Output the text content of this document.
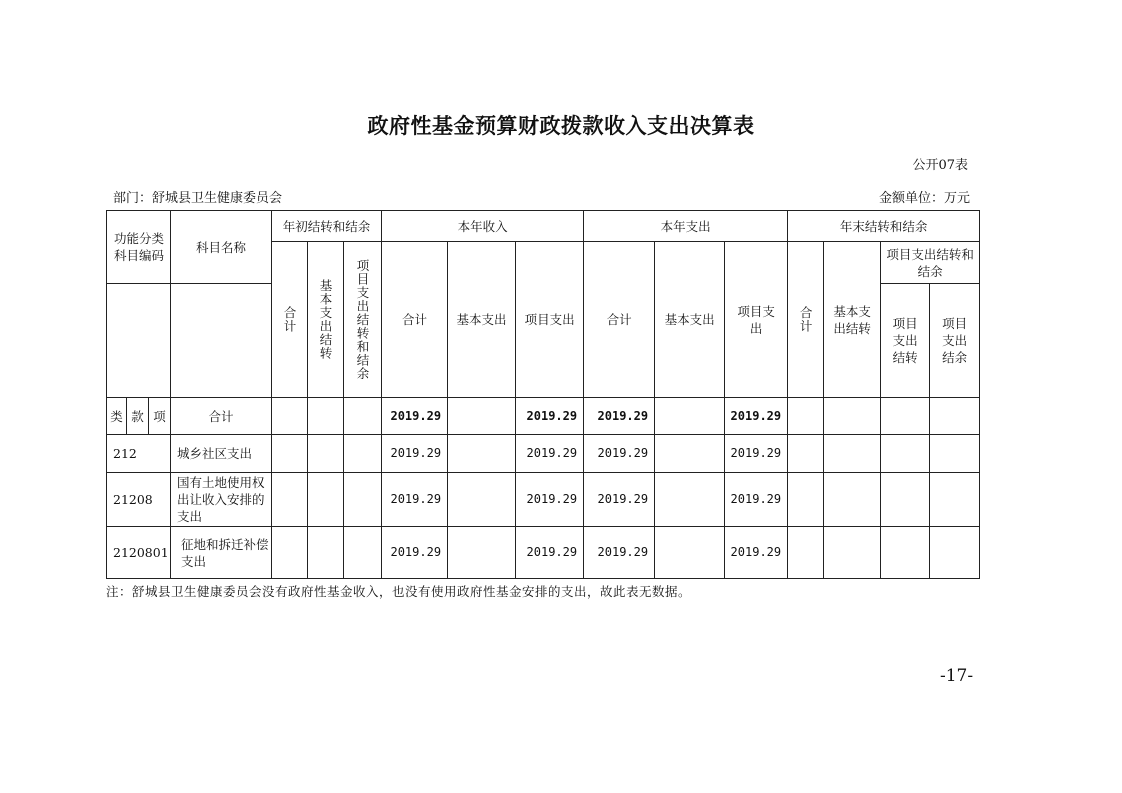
政府性基金预算财政拨款收入支出决算表
公开07表
部门：舒城县卫生健康委员会	金额单位：万元
功能分类
科目编码			科目名称	年初结转和结余			本年收入			本年支出			年末结转和结余			

				合计	基本支出结转	项目支出结转和结余	合计	基本支出	项目支出	合计	基本支出	项目支出	合计	基本支出结转	项目支出结转和结余	

															项目支出结转	项目支出结余

类	款	项	合计				2019.29		2019.29	2019.29		2019.29				
212			城乡社区支出				2019.29		2019.29	2019.29		2019.29				
21208			国有土地使用权出让收入安排的支出				2019.29		2019.29	2019.29		2019.29				
2120801			征地和拆迁补偿支出				2019.29		2019.29	2019.29		2019.29				
注：舒城县卫生健康委员会没有政府性基金收入，也没有使用政府性基金安排的支出，故此表无数据。
-17-
